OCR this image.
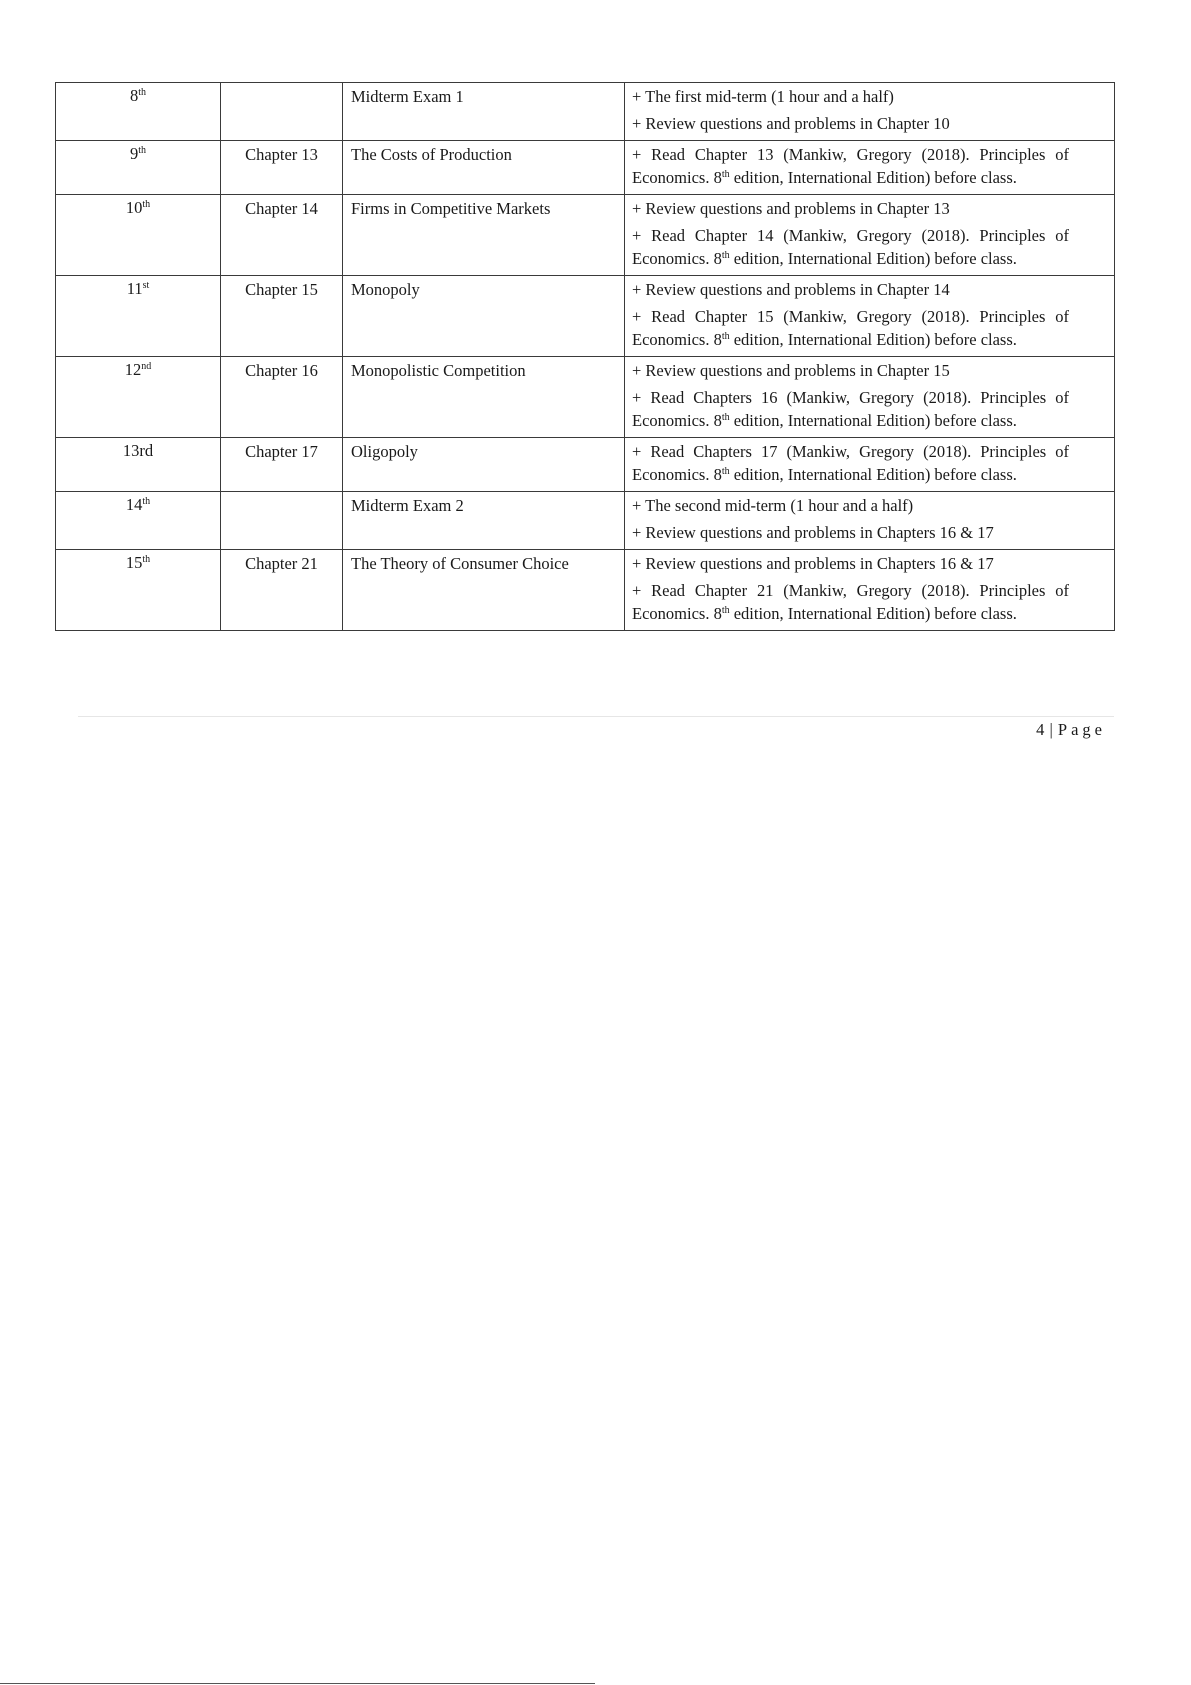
8th		Midterm Exam 1	+ The first mid-term (1 hour and a half)
+ Review questions and problems in Chapter 10

9th	Chapter 13	The Costs of Production	+ Read Chapter 13 (Mankiw, Gregory (2018). Principles of Economics. 8th edition, International Edition) before class.

10th	Chapter 14	Firms in Competitive Markets	+ Review questions and problems in Chapter 13
+ Read Chapter 14 (Mankiw, Gregory (2018). Principles of Economics. 8th edition, International Edition) before class.

11st	Chapter 15	Monopoly	+ Review questions and problems in Chapter 14
+ Read Chapter 15 (Mankiw, Gregory (2018). Principles of Economics. 8th edition, International Edition) before class.

12nd	Chapter 16	Monopolistic Competition	+ Review questions and problems in Chapter 15
+ Read Chapters 16 (Mankiw, Gregory (2018). Principles of Economics. 8th edition, International Edition) before class.

13rd	Chapter 17	Oligopoly	+ Read Chapters 17 (Mankiw, Gregory (2018). Principles of Economics. 8th edition, International Edition) before class.

14th		Midterm Exam 2	+ The second mid-term (1 hour and a half)
+ Review questions and problems in Chapters 16 & 17

15th	Chapter 21	The Theory of Consumer Choice	+ Review questions and problems in Chapters 16 & 17
+ Read Chapter 21 (Mankiw, Gregory (2018). Principles of Economics. 8th edition, International Edition) before class.
4 | Page
